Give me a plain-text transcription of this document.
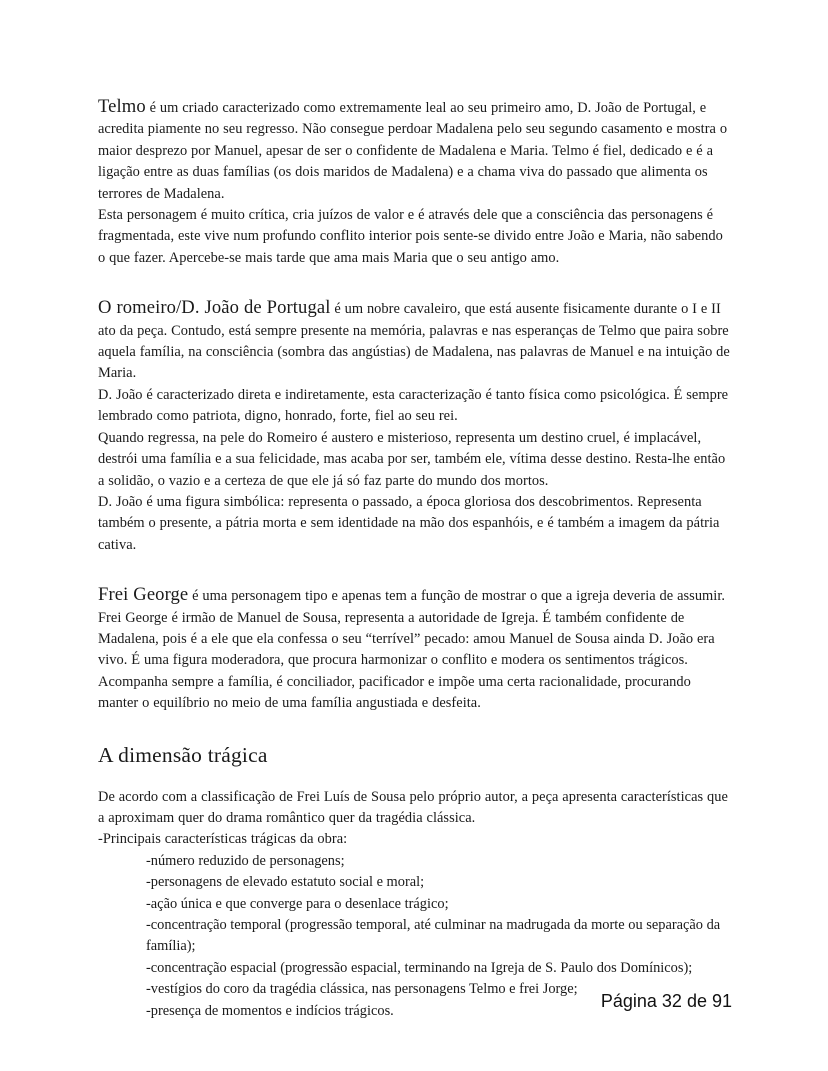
Telmo é um criado caracterizado como extremamente leal ao seu primeiro amo, D. João de Portugal, e acredita piamente no seu regresso. Não consegue perdoar Madalena pelo seu segundo casamento e mostra o maior desprezo por Manuel, apesar de ser o confidente de Madalena e Maria. Telmo é fiel, dedicado e é a ligação entre as duas famílias (os dois maridos de Madalena) e a chama viva do passado que alimenta os terrores de Madalena.

Esta personagem é muito crítica, cria juízos de valor e é através dele que a consciência das personagens é fragmentada, este vive num profundo conflito interior pois sente-se divido entre João e Maria, não sabendo o que fazer. Apercebe-se mais tarde que ama mais Maria que o seu antigo amo.

O romeiro/D. João de Portugal é um nobre cavaleiro, que está ausente fisicamente durante o I e II ato da peça. Contudo, está sempre presente na memória, palavras e nas esperanças de Telmo que paira sobre aquela família, na consciência (sombra das angústias) de Madalena, nas palavras de Manuel e na intuição de Maria.

D. João é caracterizado direta e indiretamente, esta caracterização é tanto física como psicológica. É sempre lembrado como patriota, digno, honrado, forte, fiel ao seu rei.

Quando regressa, na pele do Romeiro é austero e misterioso, representa um destino cruel, é implacável, destrói uma família e a sua felicidade, mas acaba por ser, também ele, vítima desse destino. Resta-lhe então a solidão, o vazio e a certeza de que ele já só faz parte do mundo dos mortos.

D. João é uma figura simbólica: representa o passado, a época gloriosa dos descobrimentos. Representa também o presente, a pátria morta e sem identidade na mão dos espanhóis, e é também a imagem da pátria cativa.

Frei George é uma personagem tipo e apenas tem a função de mostrar o que a igreja deveria de assumir. Frei George é irmão de Manuel de Sousa, representa a autoridade de Igreja. É também confidente de Madalena, pois é a ele que ela confessa o seu “terrível” pecado: amou Manuel de Sousa ainda D. João era vivo. É uma figura moderadora, que procura harmonizar o conflito e modera os sentimentos trágicos. Acompanha sempre a família, é conciliador, pacificador e impõe uma certa racionalidade, procurando manter o equilíbrio no meio de uma família angustiada e desfeita.

A dimensão trágica

De acordo com a classificação de Frei Luís de Sousa pelo próprio autor, a peça apresenta características que a aproximam quer do drama romântico quer da tragédia clássica.

-Principais características trágicas da obra:

-número reduzido de personagens;
-personagens de elevado estatuto social e moral;
-ação única e que converge para o desenlace trágico;
-concentração temporal (progressão temporal, até culminar na madrugada da morte ou separação da família);
-concentração espacial (progressão espacial, terminando na Igreja de S. Paulo dos Domínicos);
-vestígios do coro da tragédia clássica, nas personagens Telmo e frei Jorge;
-presença de momentos e indícios trágicos.	Página 32 de 91
